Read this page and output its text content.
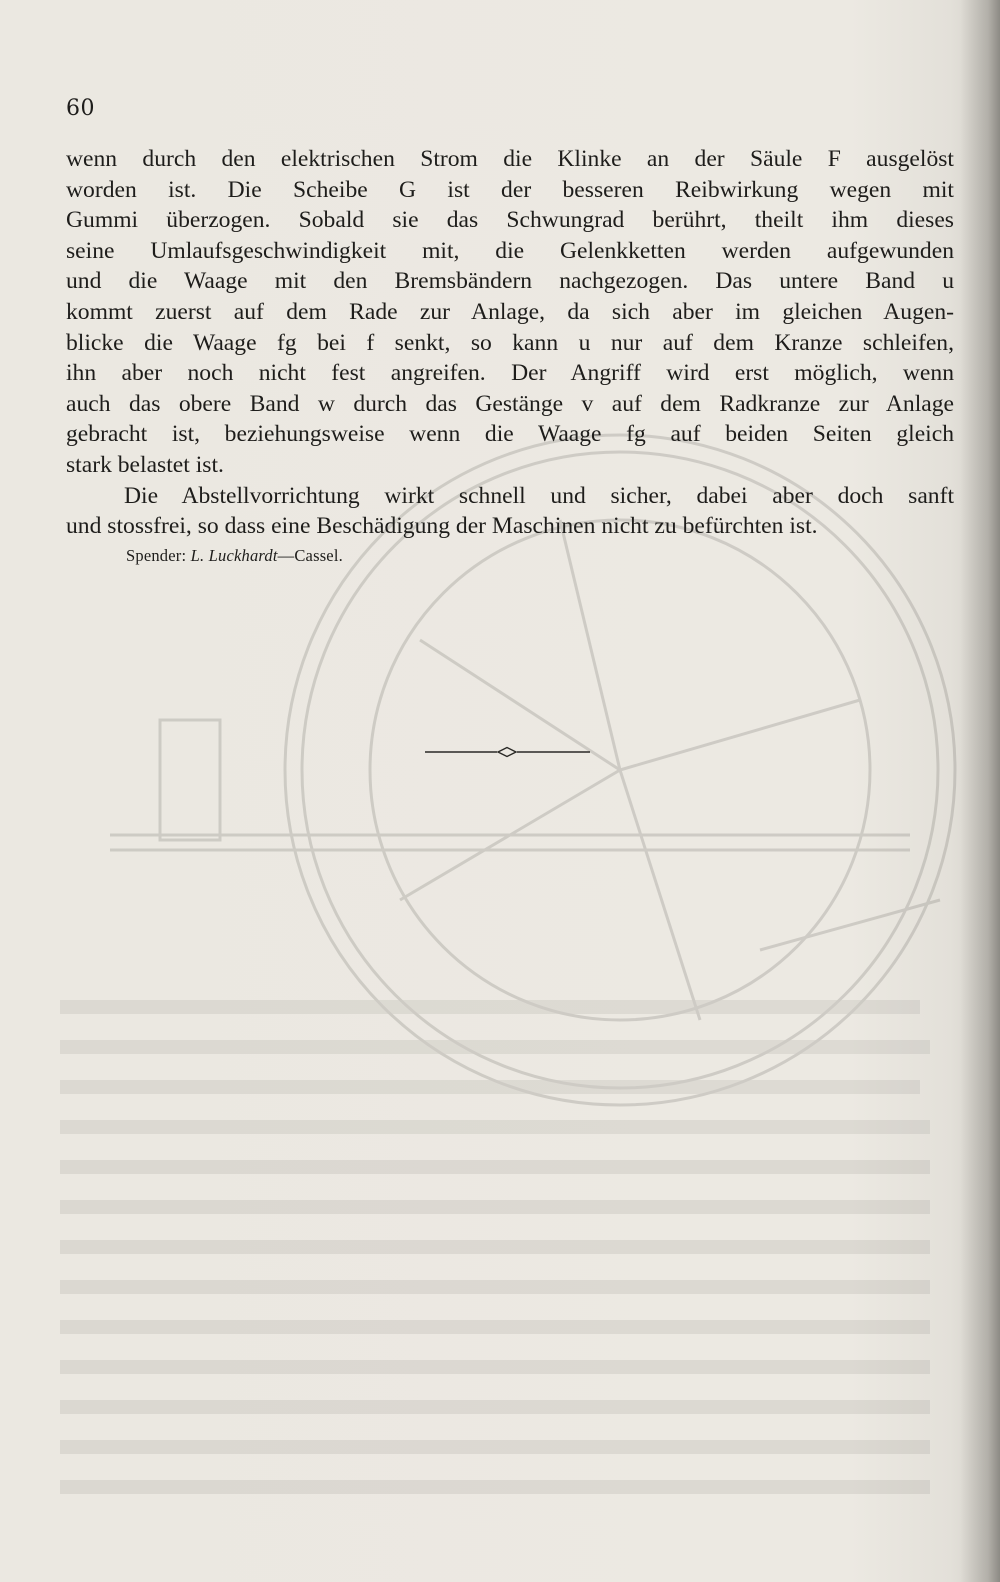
60

wenn durch den elektrischen Strom die Klinke an der Säule F ausgelöst
worden ist. Die Scheibe G ist der besseren Reibwirkung wegen mit
Gummi überzogen. Sobald sie das Schwungrad berührt, theilt ihm dieses
seine Umlaufsgeschwindigkeit mit, die Gelenkketten werden aufgewunden
und die Waage mit den Bremsbändern nachgezogen. Das untere Band u
kommt zuerst auf dem Rade zur Anlage, da sich aber im gleichen Augen-
blicke die Waage fg bei f senkt, so kann u nur auf dem Kranze schleifen,
ihn aber noch nicht fest angreifen. Der Angriff wird erst möglich, wenn
auch das obere Band w durch das Gestänge v auf dem Radkranze zur Anlage
gebracht ist, beziehungsweise wenn die Waage fg auf beiden Seiten gleich

stark belastet ist.

Die Abstellvorrichtung wirkt schnell und sicher, dabei aber doch sanft

und stossfrei, so dass eine Beschädigung der Maschinen nicht zu befürchten ist.

Spender: L. Luckhardt—Cassel.
